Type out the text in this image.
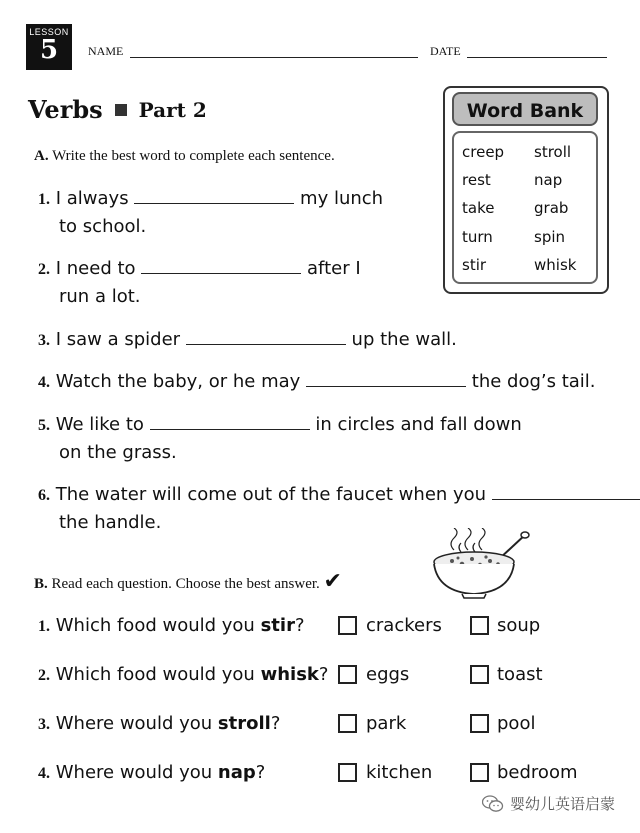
LESSON
5	NAME	DATE
Verbs Part 2	Word Bank
creep stroll
rest	nap
take	grab
turn	spin
stir	whisk
A. Write the best word to complete each sentence.
1. I always	my lunch
to school.
2. I need to	after I
run a lot.
3. I saw a spider	up the wall.
4. Watch the baby, or he may	the dog’s tail.
5. We like to	in circles and fall down
on the grass.
6. The water will come out of the faucet when you
the handle.
B. Read each question. Choose the best answer. ✔
1. Which food would you stir?	crackers	soup
2. Which food would you whisk? eggs	toast
3. Where would you stroll?	park	pool
4. Where would you nap?	kitchen	bedroom
婴幼儿英语启蒙
